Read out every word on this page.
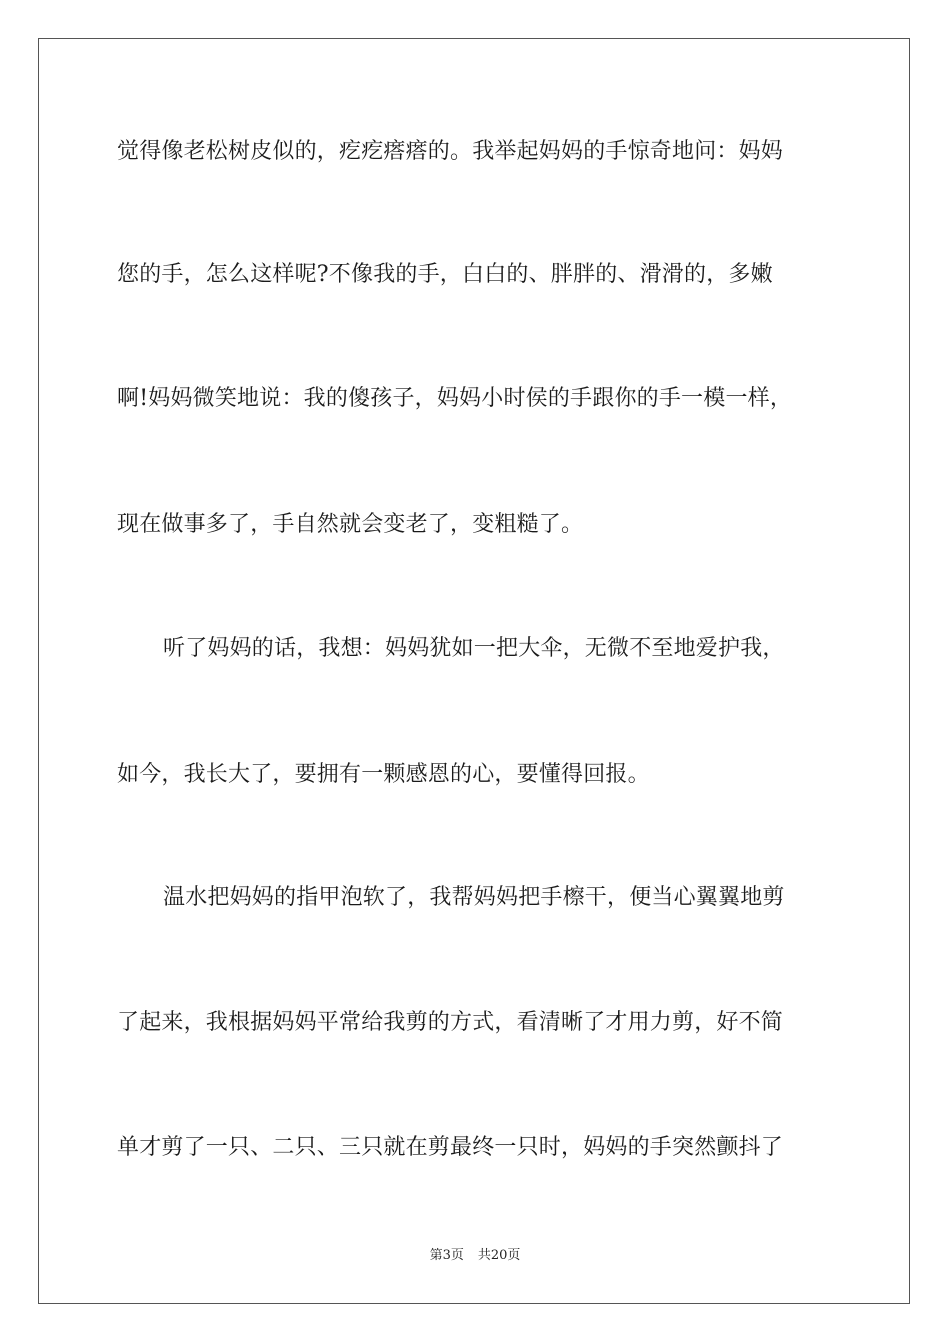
觉得像老松树皮似的，疙疙瘩瘩的。我举起妈妈的手惊奇地问：妈妈
您的手，怎么这样呢?不像我的手，白白的、胖胖的、滑滑的，多嫩
啊!妈妈微笑地说：我的傻孩子，妈妈小时侯的手跟你的手一模一样，
现在做事多了，手自然就会变老了，变粗糙了。
听了妈妈的话，我想：妈妈犹如一把大伞，无微不至地爱护我，
如今，我长大了，要拥有一颗感恩的心，要懂得回报。
温水把妈妈的指甲泡软了，我帮妈妈把手檫干，便当心翼翼地剪
了起来，我根据妈妈平常给我剪的方式，看清晰了才用力剪，好不简
单才剪了一只、二只、三只就在剪最终一只时，妈妈的手突然颤抖了
第3页 共20页
